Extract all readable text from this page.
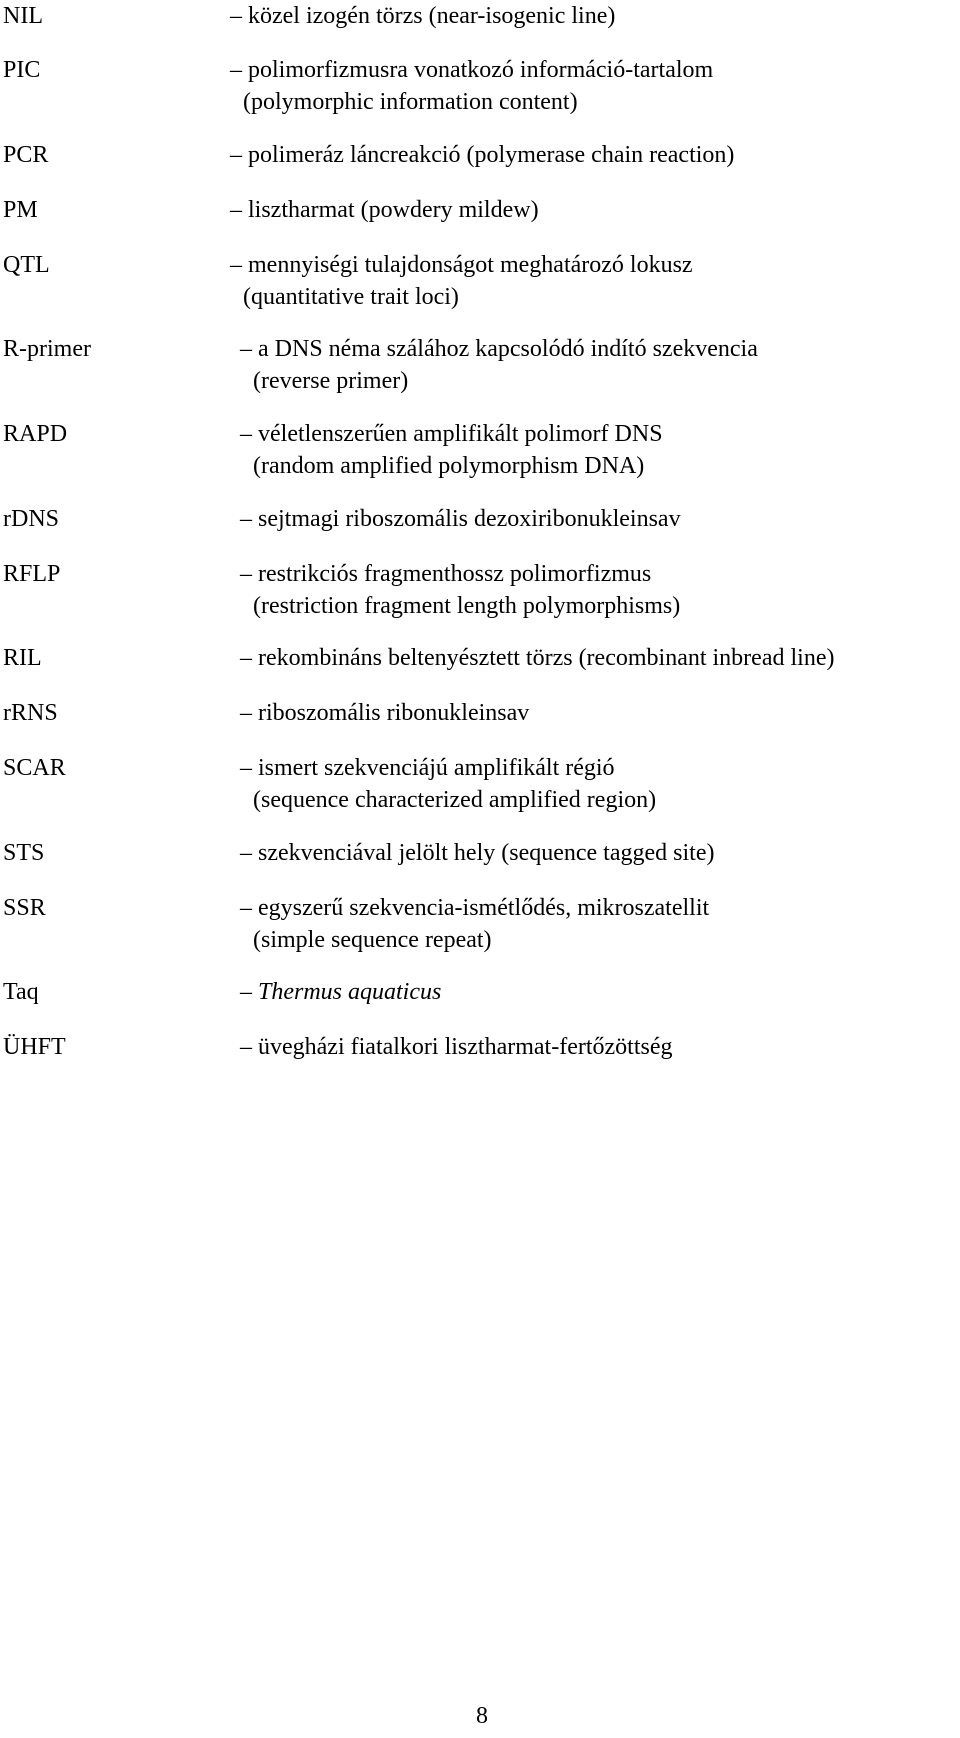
NIL	– közel izogén törzs (near-isogenic line)
PIC	– polimorfizmusra vonatkozó információ-tartalom
(polymorphic information content)
PCR	– polimeráz láncreakció (polymerase chain reaction)
PM	– lisztharmat (powdery mildew)
QTL	– mennyiségi tulajdonságot meghatározó lokusz
(quantitative trait loci)
R-primer	– a DNS néma szálához kapcsolódó indító szekvencia
(reverse primer)
RAPD	– véletlenszerűen amplifikált polimorf DNS
(random amplified polymorphism DNA)
rDNS	– sejtmagi riboszomális dezoxiribonukleinsav
RFLP	– restrikciós fragmenthossz polimorfizmus
(restriction fragment length polymorphisms)
RIL	– rekombináns beltenyésztett törzs (recombinant inbread line)
rRNS	– riboszomális ribonukleinsav
SCAR	– ismert szekvenciájú amplifikált régió
(sequence characterized amplified region)
STS	– szekvenciával jelölt hely (sequence tagged site)
SSR	– egyszerű szekvencia-ismétlődés, mikroszatellit
(simple sequence repeat)
Taq	– Thermus aquaticus
ÜHFT	– üvegházi fiatalkori lisztharmat-fertőzöttség
8
